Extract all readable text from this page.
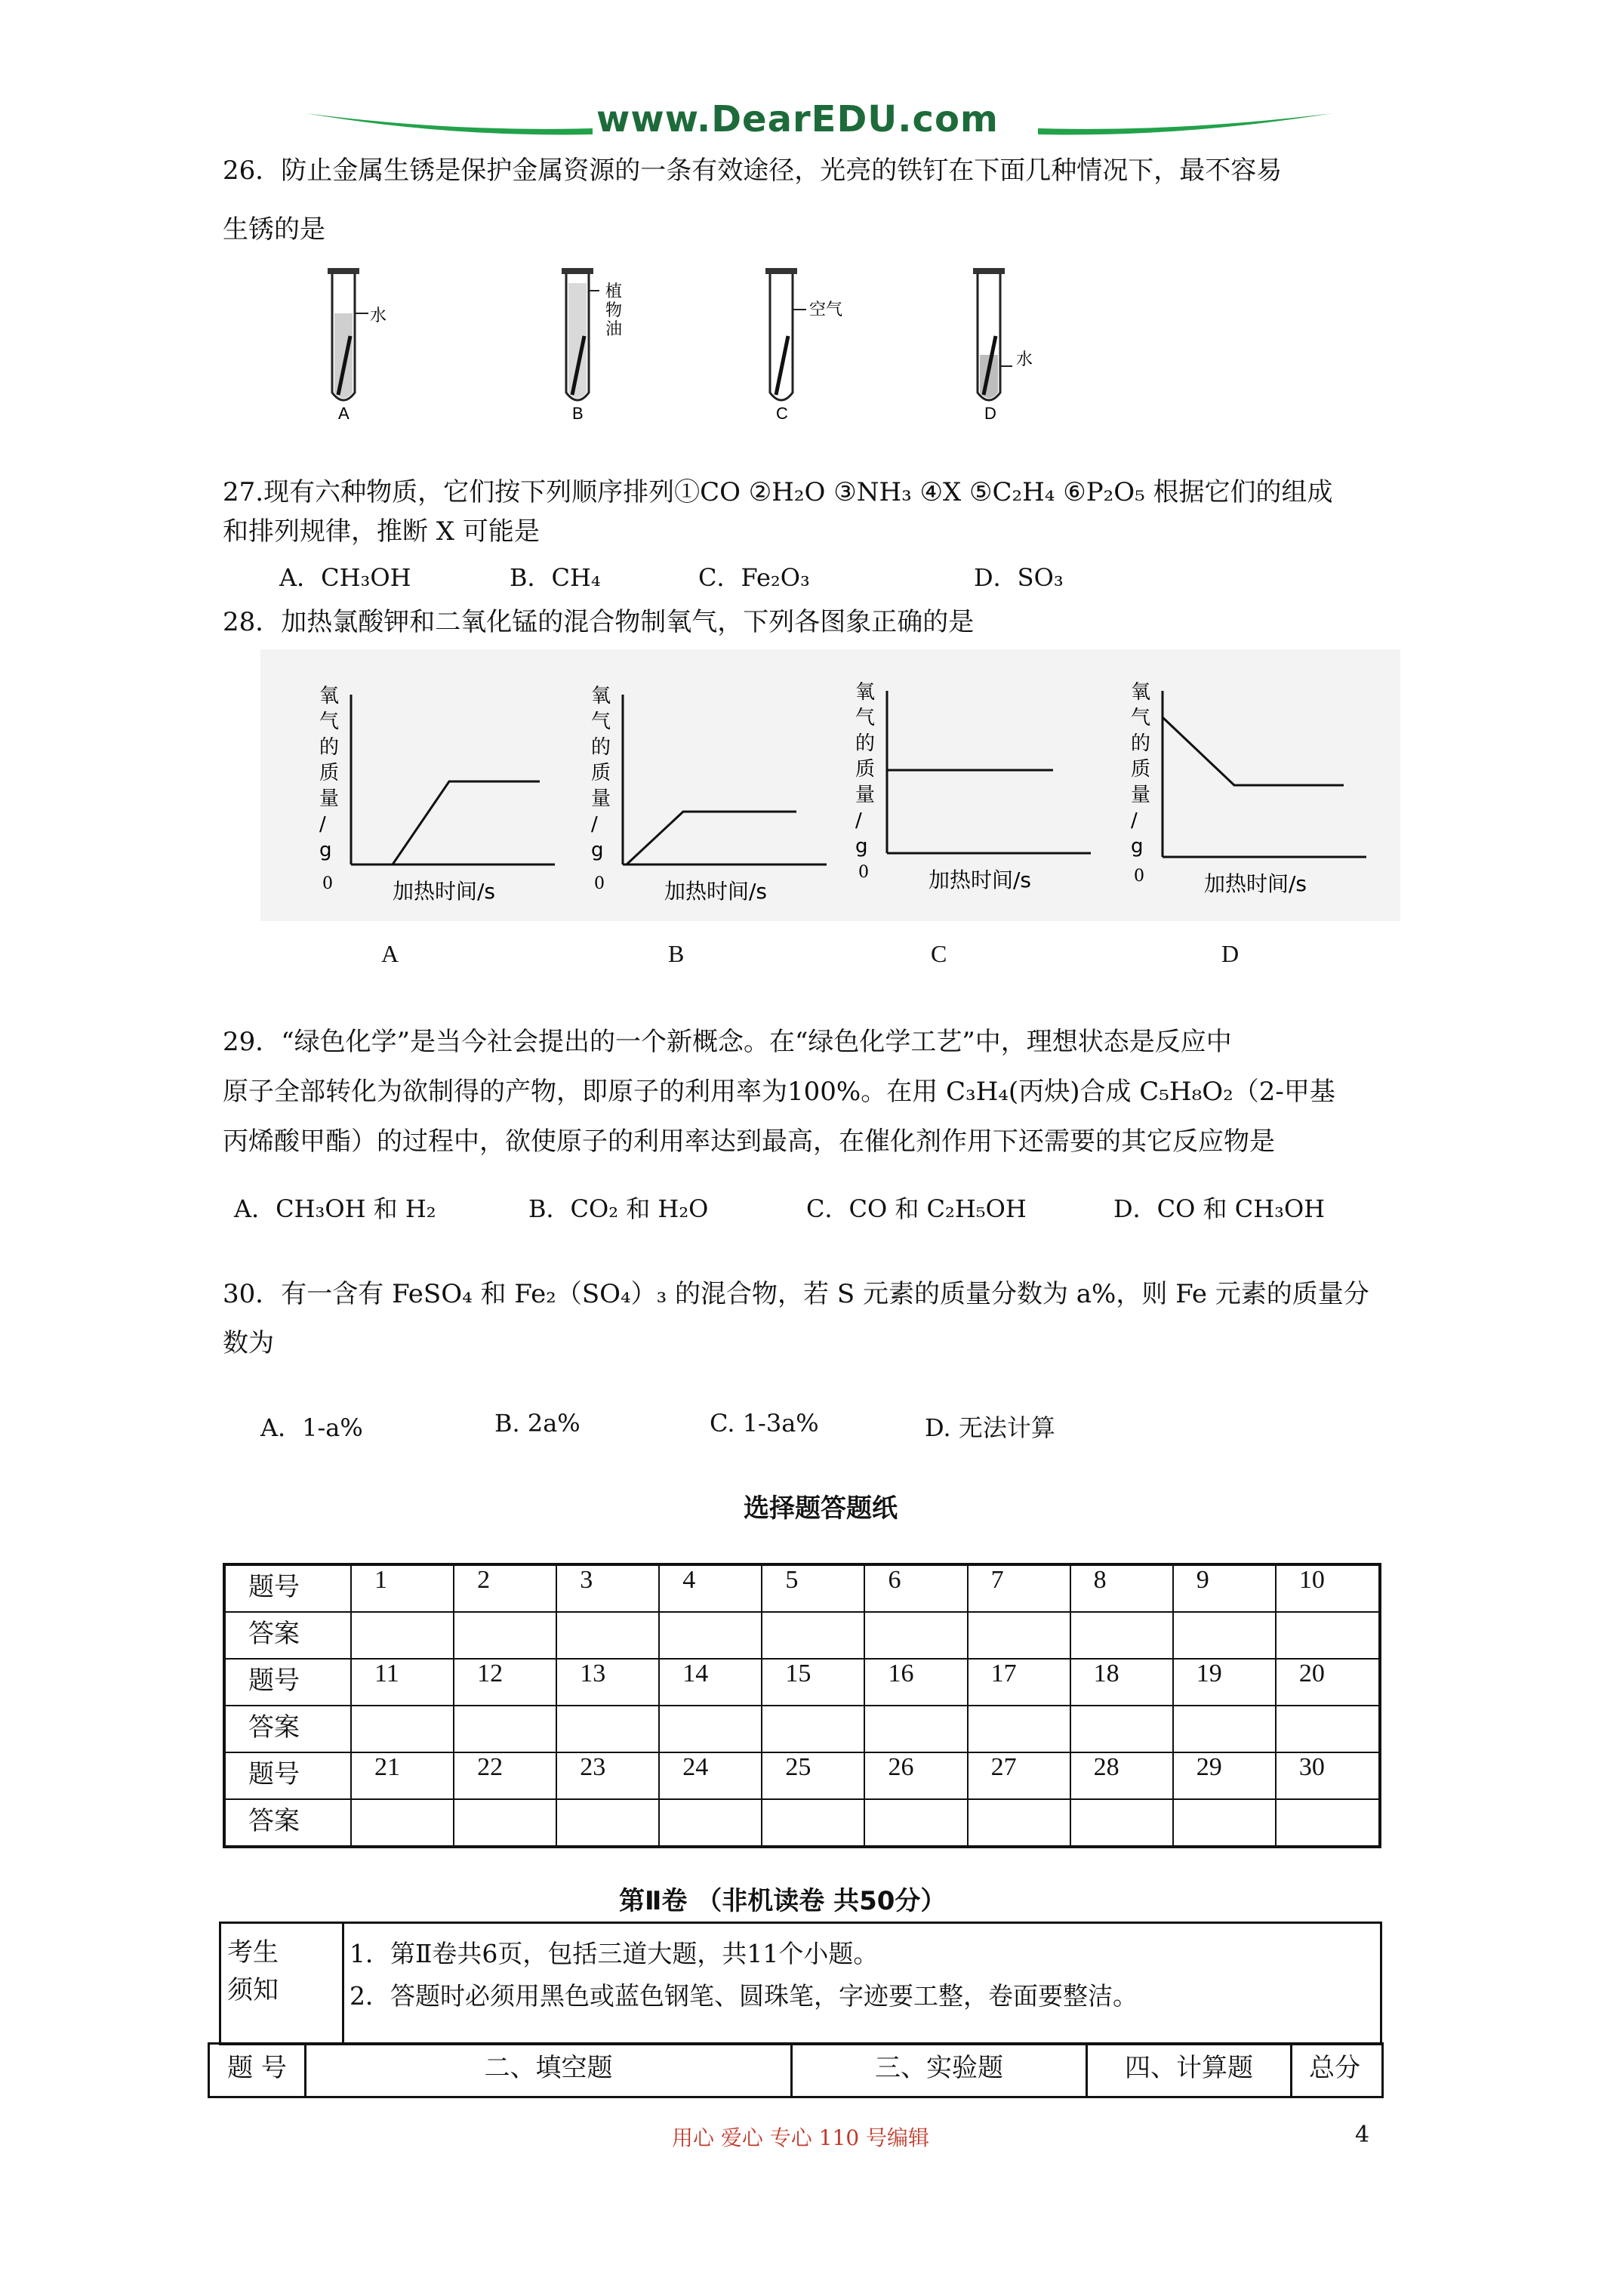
www.DearEDU.com
26．防止金属生锈是保护金属资源的一条有效途径，光亮的铁钉在下面几种情况下，最不容易
生锈的是
水
A
植
物
油
B
空气
C
水
D
27.现有六种物质，它们按下列顺序排列①CO ②H₂O ③NH₃ ④X ⑤C₂H₄ ⑥P₂O₅ 根据它们的组成
和排列规律，推断 X 可能是
A．CH₃OH	B．CH₄	C．Fe₂O₃	D．SO₃
28．加热氯酸钾和二氧化锰的混合物制氧气，下列各图象正确的是
氧
气
的
质
量
/
g
0	加热时间/s
氧
气
的
质
量
/
g
0	加热时间/s
氧
气
的
质
量
/
g
0	加热时间/s
氧
气
的
质
量
/
g
0	加热时间/s
A	B	C	D
29．“绿色化学”是当今社会提出的一个新概念。在“绿色化学工艺”中，理想状态是反应中
原子全部转化为欲制得的产物，即原子的利用率为100%。在用 C₃H₄(丙炔)合成 C₅H₈O₂（2-甲基
丙烯酸甲酯）的过程中，欲使原子的利用率达到最高，在催化剂作用下还需要的其它反应物是
A．CH₃OH 和 H₂	B．CO₂ 和 H₂O	C．CO 和 C₂H₅OH	D．CO 和 CH₃OH
30．有一含有 FeSO₄ 和 Fe₂（SO₄）₃ 的混合物，若 S 元素的质量分数为 a%，则 Fe 元素的质量分
数为
A．1-a%	B. 2a%	C. 1-3a%	D. 无法计算
选择题答题纸
题号	1	2	3	4	5	6	7	8	9	10
答案										
题号	11	12	13	14	15	16	17	18	19	20
答案										
题号	21	22	23	24	25	26	27	28	29	30
答案										
第Ⅱ卷 （非机读卷 共50分）
考生
须知
1．第Ⅱ卷共6页，包括三道大题，共11个小题。
2．答题时必须用黑色或蓝色钢笔、圆珠笔，字迹要工整，卷面要整洁。
题 号	二、填空题	三、实验题	四、计算题	总分
用心 爱心 专心 110 号编辑	4
